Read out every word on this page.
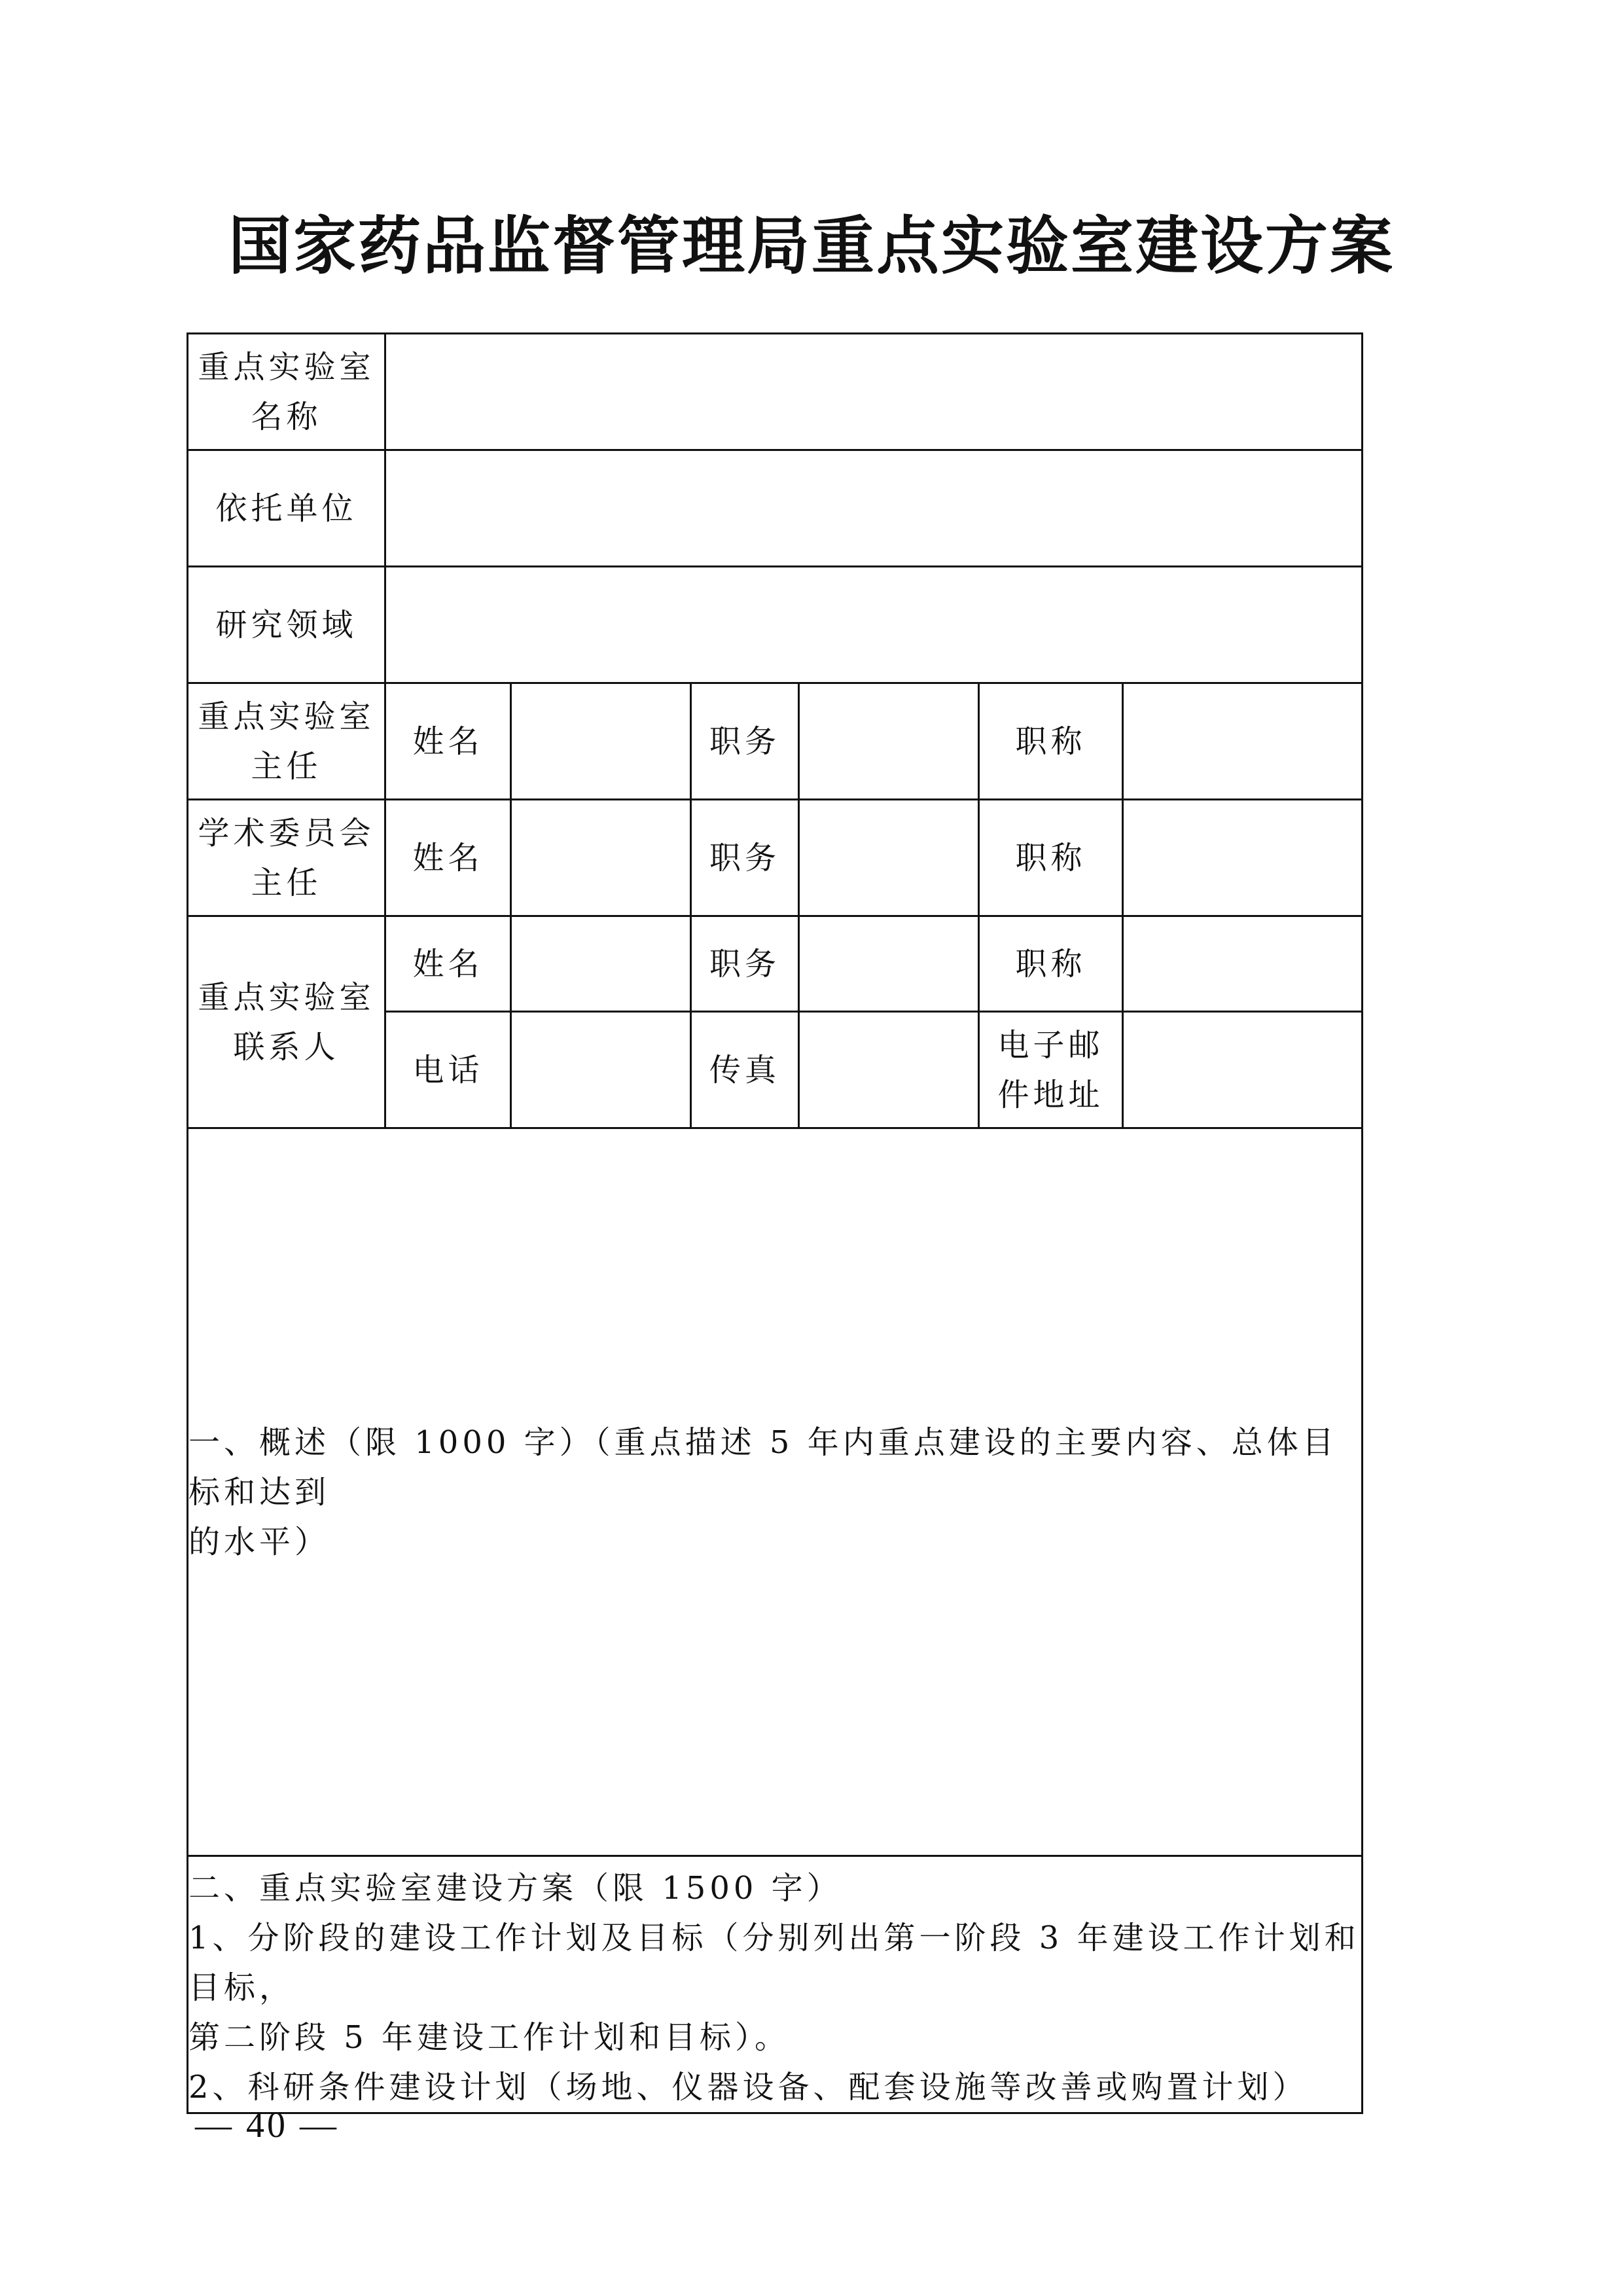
国家药品监督管理局重点实验室建设方案
重点实验室
名称						

依托单位						
研究领域						

重点实验室
主任	姓名		职务		职称	

学术委员会
主任	姓名		职务		职称	

重点实验室
联系人	姓名		职务		职称	
	电话		传真		电子邮
件地址	

一、概述（限 1000 字）（重点描述 5 年内重点建设的主要内容、总体目标和达到
的水平）						

二、重点实验室建设方案（限 1500 字）
1、分阶段的建设工作计划及目标（分别列出第一阶段 3 年建设工作计划和目标，
第二阶段 5 年建设工作计划和目标）。
2、科研条件建设计划（场地、仪器设备、配套设施等改善或购置计划）						
— 40 —
